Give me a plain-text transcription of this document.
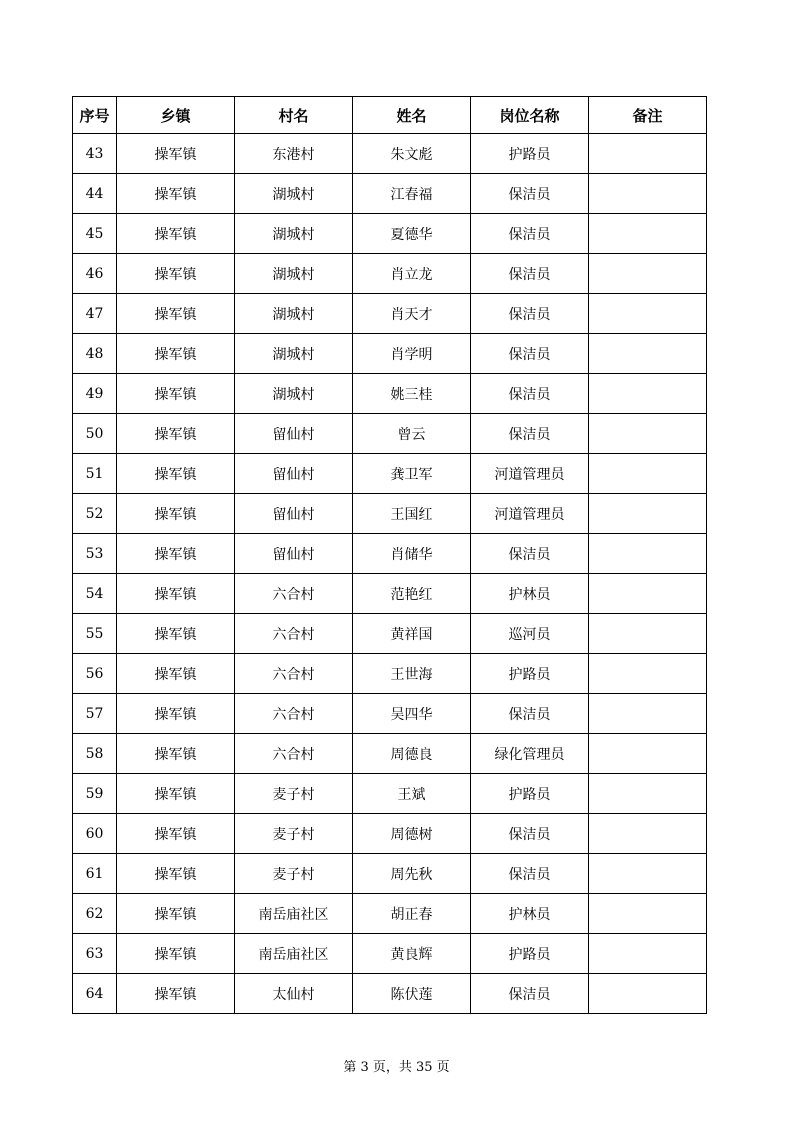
序号	乡镇	村名	姓名	岗位名称	备注
43	操军镇	东港村	朱文彪	护路员	
44	操军镇	湖城村	江春福	保洁员	
45	操军镇	湖城村	夏德华	保洁员	
46	操军镇	湖城村	肖立龙	保洁员	
47	操军镇	湖城村	肖天才	保洁员	
48	操军镇	湖城村	肖学明	保洁员	
49	操军镇	湖城村	姚三桂	保洁员	
50	操军镇	留仙村	曾云	保洁员	
51	操军镇	留仙村	龚卫军	河道管理员	
52	操军镇	留仙村	王国红	河道管理员	
53	操军镇	留仙村	肖储华	保洁员	
54	操军镇	六合村	范艳红	护林员	
55	操军镇	六合村	黄祥国	巡河员	
56	操军镇	六合村	王世海	护路员	
57	操军镇	六合村	吴四华	保洁员	
58	操军镇	六合村	周德良	绿化管理员	
59	操军镇	麦子村	王斌	护路员	
60	操军镇	麦子村	周德树	保洁员	
61	操军镇	麦子村	周先秋	保洁员	
62	操军镇	南岳庙社区	胡正春	护林员	
63	操军镇	南岳庙社区	黄良辉	护路员	
64	操军镇	太仙村	陈伏莲	保洁员	
第 3 页，共 35 页
